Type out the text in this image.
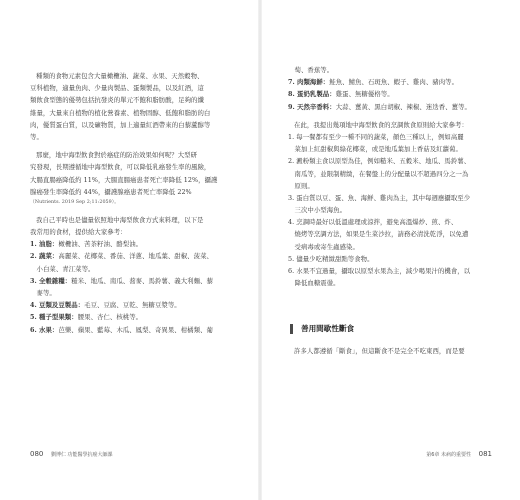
種類的食物元素包含大量橄欖油、蔬菜、水果、天然穀物、
豆科植物，適量魚肉、少量肉製品、蛋類製品，以及紅酒，這
類飲食型態的優勢包括抗發炎的單元不飽和脂肪酸，足夠的纖
維量，大量來自植物的植化營養素、植物固醇、低飽和脂肪的白
肉，優質蛋白質，以及礦物質，加上適量紅酒帶來的白藜蘆醇等
等。
那麼，地中海型飲食對於癌症的防治效果如何呢？大型研
究發現，長期遵循地中海型飲食，可以降低乳癌發生率的風險，
大腸直腸癌降低約 11%，大腸直腸癌患者死亡率降低 12%，攝護
腺癌發生率降低約 44%，攝護腺癌患者死亡率降低 22%
（Nutrients. 2019 Sep 2;11:2059）。
我自己平時也是儘量依照地中海型飲食方式來料理，以下是
我常用的食材，提供給大家參考：
1. 油脂：橄欖油、苦茶籽油、酪梨油。
2. 蔬菜：高麗菜、花椰菜、番茄、洋蔥、地瓜葉、甜椒、菠菜、
小白菜、青江菜等。
3. 全穀雜糧：糙米、地瓜、南瓜、蕎麥、馬鈴薯、義大利麵、藜
麥等。
4. 豆類及豆製品：毛豆、豆腐、豆乾、無糖豆漿等。
5. 種子型果類：腰果、杏仁、核桃等。
6. 水果：芭樂、蘋果、藍莓、木瓜、鳳梨、奇異果、柑橘類、葡
080 劉博仁 功能醫學抗癌大師課
萄、香蕉等。
7. 肉類海鮮：鮭魚、鯖魚、石斑魚、蝦子、雞肉、豬肉等。
8. 蛋奶乳製品：雞蛋、無糖優格等。
9. 天然辛香料：大蒜、薑黃、黑白胡椒、辣椒、迷迭香、薑等。
在此，我提出幾項地中海型飲食的烹調飲食原則給大家參考：
1. 每一餐都有至少一種不同的蔬菜，顏色三種以上，例如高麗
菜加上紅甜椒與綠花椰菜，或是地瓜葉加上香菇及紅蘿蔔。
2. 澱粉類主食以原型為佳，例如糙米、五穀米、地瓜、馬鈴薯、
南瓜等，並限制精緻，在餐盤上的分配量以不超過四分之一為
原則。
3. 蛋白質以豆、蛋、魚、海鮮、雞肉為主，其中每週應攝取至少
三次中小型海魚。
4. 烹調時最好以低溫處理或涼拌，避免高溫爆炒、煎、炸、
燒烤等烹調方法，如果是生菜沙拉，請務必清洗乾淨，以免遭
受病毒或寄生蟲感染。
5. 儘量少吃精緻甜點等食物。
6. 水果不宜過量，攝取以原型水果為主，減少喝果汁的機會，以
降低血糖震盪。
善用間歇性斷食
許多人都遵循「斷食」，但這斷食不是完全不吃東西，而是要
第6章 未病的重要性 081
